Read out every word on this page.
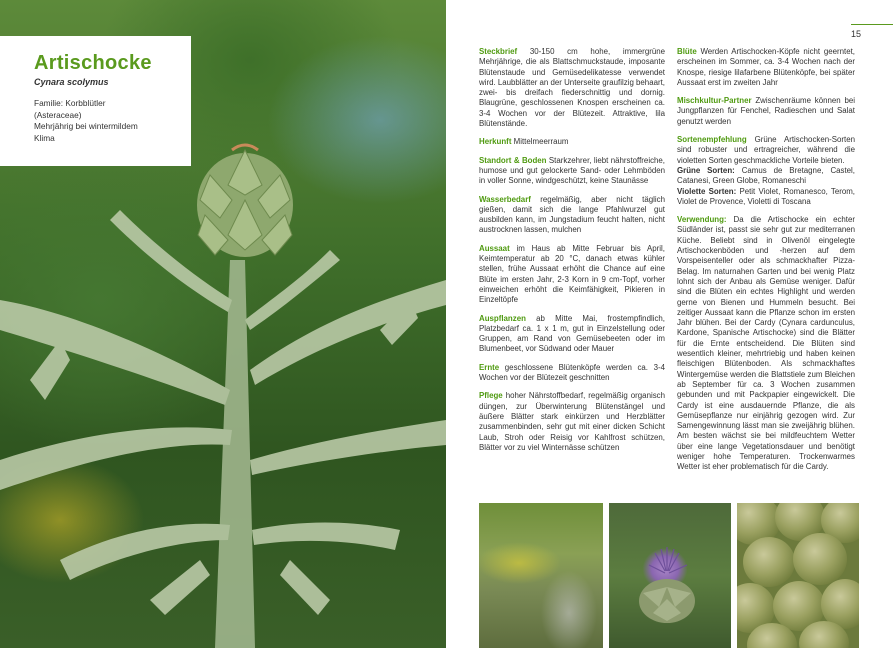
Artischocke
Cynara scolymus
Familie: Korbblütler
(Asteraceae)
Mehrjährig bei wintermildem
Klima
15

Steckbrief 30-150 cm hohe, immergrüne Mehrjährige, die als Blattschmuckstaude, imposante Blütenstaude und Gemüsedelikatesse verwendet wird. Laubblätter an der Unterseite graufilzig behaart, zwei- bis dreifach fiederschnittig und dornig. Blaugrüne, geschlossenen Knospen erscheinen ca. 3-4 Wochen vor der Blütezeit. Attraktive, lila Blütenstände.

Herkunft Mittelmeerraum

Standort & Boden Starkzehrer, liebt nährstoffreiche, humose und gut gelockerte Sand- oder Lehmböden in voller Sonne, windgeschützt, keine Staunässe

Wasserbedarf regelmäßig, aber nicht täglich gießen, damit sich die lange Pfahlwurzel gut ausbilden kann, im Jungstadium feucht halten, nicht austrocknen lassen, mulchen

Aussaat im Haus ab Mitte Februar bis April, Keimtemperatur ab 20 °C, danach etwas kühler stellen, frühe Aussaat erhöht die Chance auf eine Blüte im ersten Jahr, 2-3 Korn in 9 cm-Topf, vorher einweichen erhöht die Keimfähigkeit, Pikieren in Einzeltöpfe

Auspflanzen ab Mitte Mai, frostempfindlich, Platzbedarf ca. 1 x 1 m, gut in Einzelstellung oder Gruppen, am Rand von Gemüsebeeten oder im Blumenbeet, vor Südwand oder Mauer

Ernte geschlossene Blütenköpfe werden ca. 3-4 Wochen vor der Blütezeit geschnitten

Pflege hoher Nährstoffbedarf, regelmäßig organisch düngen, zur Überwinterung Blütenstängel und äußere Blätter stark einkürzen und Herzblätter zusammenbinden, sehr gut mit einer dicken Schicht Laub, Stroh oder Reisig vor Kahlfrost schützen, Blätter vor zu viel Winternässe schützen

Blüte Werden Artischocken-Köpfe nicht geerntet, erscheinen im Sommer, ca. 3-4 Wochen nach der Knospe, riesige lilafarbene Blütenköpfe, bei später Aussaat erst im zweiten Jahr

Mischkultur-Partner Zwischenräume können bei Jungpflanzen für Fenchel, Radieschen und Salat genutzt werden

Sortenempfehlung Grüne Artischocken-Sorten sind robuster und ertragreicher, während die violetten Sorten geschmackliche Vorteile bieten.
Grüne Sorten: Camus de Bretagne, Castel, Catanesi, Green Globe, Romaneschi
Violette Sorten: Petit Violet, Romanesco, Terom, Violet de Provence, Violetti di Toscana

Verwendung: Da die Artischocke ein echter Südländer ist, passt sie sehr gut zur mediterranen Küche. Beliebt sind in Olivenöl eingelegte Artischockenböden und -herzen auf dem Vorspeisenteller oder als schmackhafter Pizza-Belag. Im naturnahen Garten und bei wenig Platz lohnt sich der Anbau als Gemüse weniger. Dafür sind die Blüten ein echtes Highlight und werden gerne von Bienen und Hummeln besucht. Bei zeitiger Aussaat kann die Pflanze schon im ersten Jahr blühen. Bei der Cardy (Cynara cardunculus, Kardone, Spanische Artischocke) sind die Blätter für die Ernte entscheidend. Die Blüten sind wesentlich kleiner, mehrtriebig und haben keinen fleischigen Blütenboden. Als schmackhaftes Wintergemüse werden die Blattstiele zum Bleichen ab September für ca. 3 Wochen zusammen gebunden und mit Packpapier eingewickelt. Die Cardy ist eine ausdauernde Pflanze, die als Gemüsepflanze nur einjährig gezogen wird. Zur Samengewinnung lässt man sie zweijährig blühen. Am besten wächst sie bei mildfeuchtem Wetter über eine lange Vegetationsdauer und benötigt weniger hohe Temperaturen. Trockenwarmes Wetter ist eher problematisch für die Cardy.
